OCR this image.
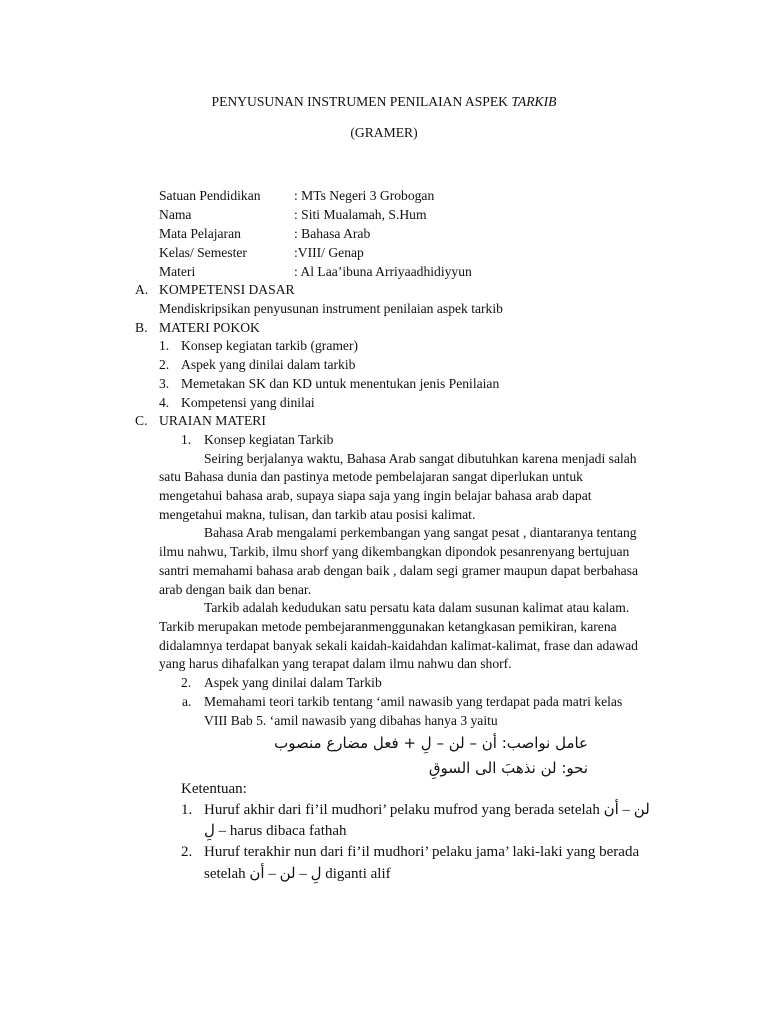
PENYUSUNAN INSTRUMEN PENILAIAN ASPEK TARKIB
(GRAMER)
Satuan Pendidikan : MTs Negeri 3 Grobogan
Nama	: Siti Mualamah, S.Hum
Mata Pelajaran	: Bahasa Arab
Kelas/ Semester	:VIII/ Genap
Materi	: Al Laa’ibuna Arriyaadhidiyyun
A. KOMPETENSI DASAR
Mendiskripsikan penyusunan instrument penilaian aspek tarkib
B. MATERI POKOK
1. Konsep kegiatan tarkib (gramer)
2. Aspek yang dinilai dalam tarkib
3. Memetakan SK dan KD untuk menentukan jenis Penilaian
4. Kompetensi yang dinilai
C. URAIAN MATERI
1. Konsep kegiatan Tarkib
Seiring berjalanya waktu, Bahasa Arab sangat dibutuhkan karena menjadi salah
satu Bahasa dunia dan pastinya metode pembelajaran sangat diperlukan untuk
mengetahui bahasa arab, supaya siapa saja yang ingin belajar bahasa arab dapat
mengetahui makna, tulisan, dan tarkib atau posisi kalimat.
Bahasa Arab mengalami perkembangan yang sangat pesat , diantaranya tentang
ilmu nahwu, Tarkib, ilmu shorf yang dikembangkan dipondok pesanrenyang bertujuan
santri memahami bahasa arab dengan baik , dalam segi gramer maupun dapat berbahasa
arab dengan baik dan benar.
Tarkib adalah kedudukan satu persatu kata dalam susunan kalimat atau kalam.
Tarkib merupakan metode pembejaranmenggunakan ketangkasan pemikiran, karena
didalamnya terdapat banyak sekali kaidah-kaidahdan kalimat-kalimat, frase dan adawad
yang harus dihafalkan yang terapat dalam ilmu nahwu dan shorf.
2. Aspek yang dinilai dalam Tarkib
a. Memahami teori tarkib tentang ‘amil nawasib yang terdapat pada matri kelas
VIII Bab 5. ‘amil nawasib yang dibahas hanya 3 yaitu
عامل نواصب: أن – لن – لِ + فعل مضارع منصوب
نحو: لن نذهبَ الى السوقِ
Ketentuan:
1. Huruf akhir dari fi’il mudhori’ pelaku mufrod yang berada setelah لن – أن
لِ – harus dibaca fathah
2. Huruf terakhir nun dari fi’il mudhori’ pelaku jama’ laki-laki yang berada
setelah لِ – لن – أن diganti alif
